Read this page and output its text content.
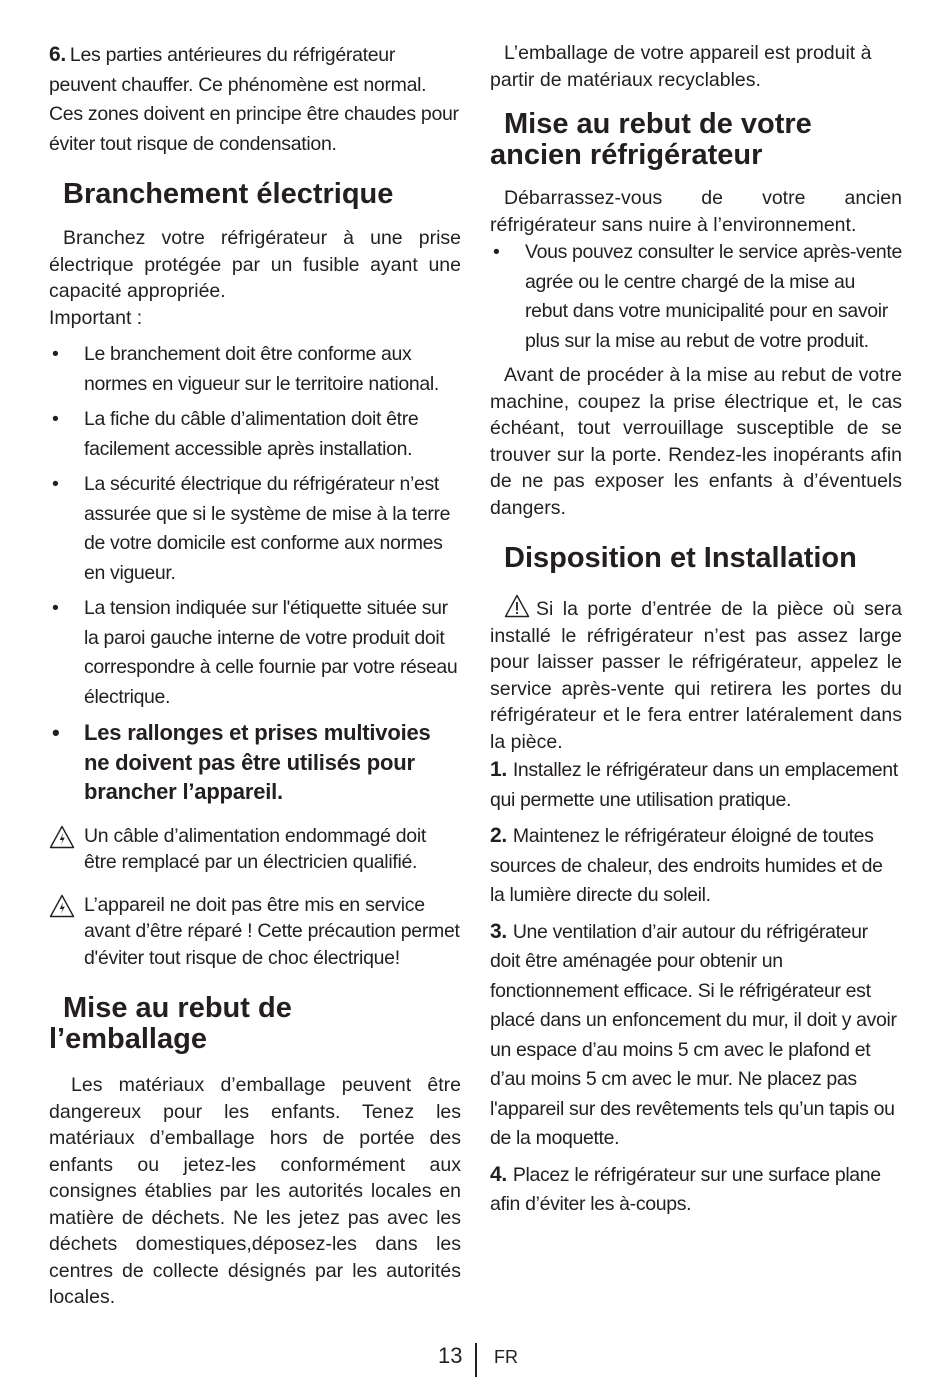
6. Les parties antérieures du réfrigérateur peuvent chauffer. Ce phénomène est normal. Ces zones doivent en principe être chaudes pour éviter tout risque de condensation.

Branchement électrique

Branchez votre réfrigérateur à une prise électrique protégée par un fusible ayant une capacité appropriée.

Important :

• Le branchement doit être conforme aux normes en vigueur sur le territoire national.
• La fiche du câble d’alimentation doit être facilement accessible après installation.
• La sécurité électrique du réfrigérateur n’est assurée que si le système de mise à la terre de votre domicile est conforme aux normes en vigueur.
• La tension indiquée sur l'étiquette située sur la paroi gauche interne de votre produit doit correspondre à celle fournie par votre réseau électrique.
• Les rallonges et prises multivoies ne doivent pas être utilisés pour brancher l’appareil.
Un câble d’alimentation endommagé doit être remplacé par un électricien qualifié.
L’appareil ne doit pas être mis en service avant d’être réparé ! Cette précaution permet d'éviter tout risque de choc électrique!
Mise au rebut de
l’emballage

Les matériaux d’emballage peuvent être dangereux pour les enfants. Tenez les matériaux d’emballage hors de portée des enfants ou jetez-les conformément aux consignes établies par les autorités locales en matière de déchets. Ne les jetez pas avec les déchets domestiques,déposez-les dans les centres de collecte désignés par les autorités locales.

L’emballage de votre appareil est produit à partir de matériaux recyclables.

Mise au rebut de votre
ancien réfrigérateur

Débarrassez-vous de votre ancien réfrigérateur sans nuire à l’environnement.

• Vous pouvez consulter le service après-vente agrée ou le centre chargé de la mise au rebut dans votre municipalité pour en savoir plus sur la mise au rebut de votre produit.

Avant de procéder à la mise au rebut de votre machine, coupez la prise électrique et, le cas échéant, tout verrouillage susceptible de se trouver sur la porte. Rendez-les inopérants afin de ne pas exposer les enfants à d’éventuels dangers.

Disposition et Installation

Si la porte d’entrée de la pièce où sera installé le réfrigérateur n’est pas assez large pour laisser passer le réfrigérateur, appelez le service après-vente qui retirera les portes du réfrigérateur et le fera entrer latéralement dans la pièce.

1. Installez le réfrigérateur dans un emplacement qui permette une utilisation pratique.

2. Maintenez le réfrigérateur éloigné de toutes sources de chaleur, des endroits humides et de la lumière directe du soleil.

3. Une ventilation d’air autour du réfrigérateur doit être aménagée pour obtenir un fonctionnement efficace. Si le réfrigérateur est placé dans un enfoncement du mur, il doit y avoir un espace d’au moins 5 cm avec le plafond et d’au moins 5 cm avec le mur. Ne placez pas l'appareil sur des revêtements tels qu’un tapis ou de la moquette.

4. Placez le réfrigérateur sur une surface plane afin d’éviter les à-coups.

13 FR
